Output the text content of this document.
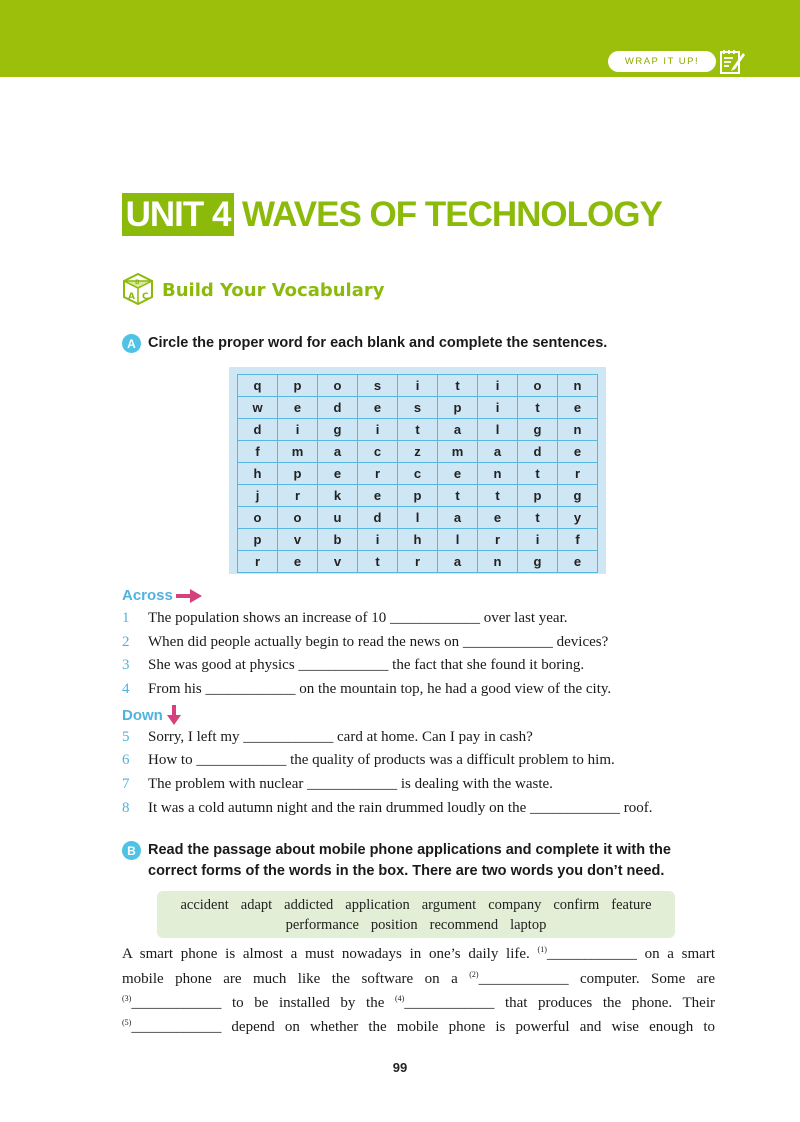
WRAP IT UP!
UNIT 4 WAVES OF TECHNOLOGY
A C
B Build Your Vocabulary
A Circle the proper word for each blank and complete the sentences.
q	p	o	s	i	t	i	o	n
w	e	d	e	s	p	i	t	e
d	i	g	i	t	a	l	g	n
f	m	a	c	z	m	a	d	e
h	p	e	r	c	e	n	t	r
j	r	k	e	p	t	t	p	g
o	o	u	d	l	a	e	t	y
p	v	b	i	h	l	r	i	f
r	e	v	t	r	a	n	g	e
Across
1 The population shows an increase of 10 ____________ over last year.
2 When did people actually begin to read the news on ____________ devices?
3 She was good at physics ____________ the fact that she found it boring.
4 From his ____________ on the mountain top, he had a good view of the city.
Down
5 Sorry, I left my ____________ card at home. Can I pay in cash?
6 How to ____________ the quality of products was a difficult problem to him.
7 The problem with nuclear ____________ is dealing with the waste.
8 It was a cold autumn night and the rain drummed loudly on the ____________ roof.
B Read the passage about mobile phone applications and complete it with the
correct forms of the words in the box. There are two words you don’t need.
accident adapt addicted application argument company confirm feature
performance position recommend laptop
A smart phone is almost a must nowadays in one’s daily life. $^{(1)}$____________ on a smart
mobile phone are much like the software on a $^{(2)}$____________ computer. Some are
$^{(3)}$____________ to be installed by the $^{(4)}$____________ that produces the phone. Their
$^{(5)}$____________ depend on whether the mobile phone is powerful and wise enough to
99
